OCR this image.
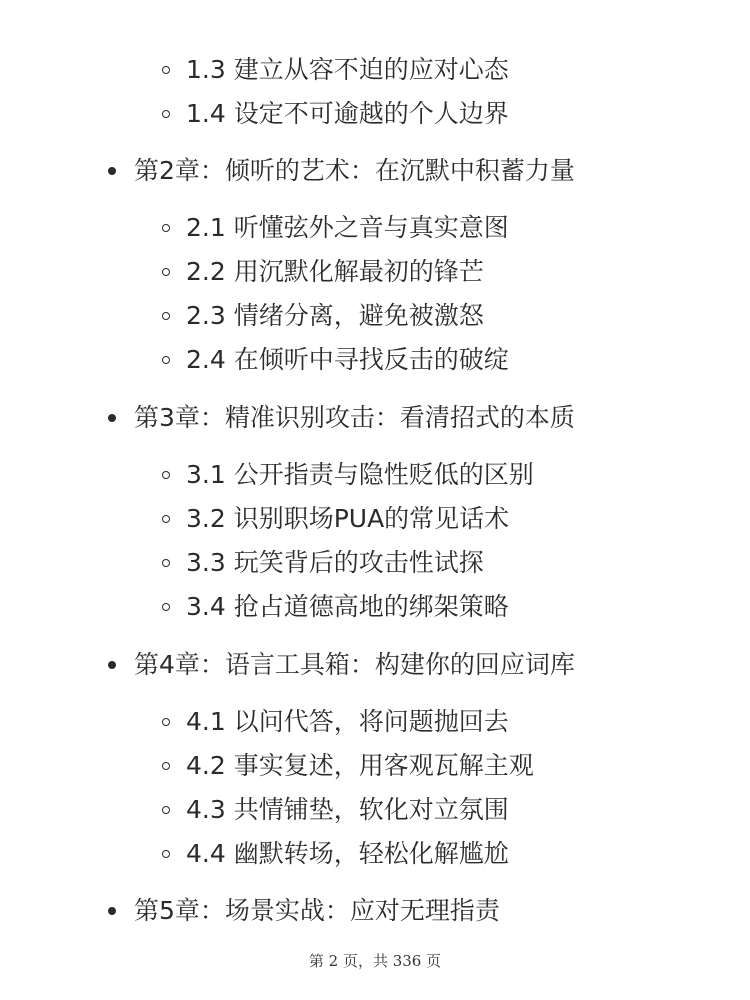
1.3 建立从容不迫的应对心态
1.4 设定不可逾越的个人边界
第2章：倾听的艺术：在沉默中积蓄力量
2.1 听懂弦外之音与真实意图
2.2 用沉默化解最初的锋芒
2.3 情绪分离，避免被激怒
2.4 在倾听中寻找反击的破绽
第3章：精准识别攻击：看清招式的本质
3.1 公开指责与隐性贬低的区别
3.2 识别职场PUA的常见话术
3.3 玩笑背后的攻击性试探
3.4 抢占道德高地的绑架策略
第4章：语言工具箱：构建你的回应词库
4.1 以问代答，将问题抛回去
4.2 事实复述，用客观瓦解主观
4.3 共情铺垫，软化对立氛围
4.4 幽默转场，轻松化解尴尬
第5章：场景实战：应对无理指责
第 2 页，共 336 页
